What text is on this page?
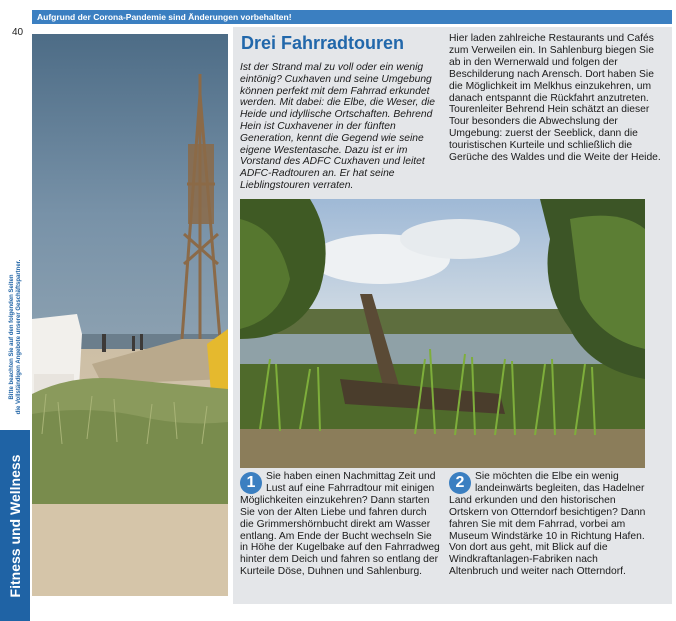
Aufgrund der Corona-Pandemie sind Änderungen vorbehalten!
40
Fitness und Wellness
Bitte beachten Sie auf den folgenden Seiten die Vollständigen Angebote unserer Geschäftspartner.
Drei Fahrradtouren

Ist der Strand mal zu voll oder ein wenig eintönig? Cuxhaven und seine Umgebung können perfekt mit dem Fahrrad erkundet werden. Mit dabei: die Elbe, die Weser, die Heide und idyllische Ortschaften. Behrend Hein ist Cuxhavener in der fünften Generation, kennt die Gegend wie seine eigene Westentasche. Dazu ist er im Vorstand des ADFC Cuxhaven und leitet ADFC-Radtouren an. Er hat seine Lieblingstouren verraten.

Hier laden zahlreiche Restaurants und Cafés zum Verweilen ein. In Sahlenburg biegen Sie ab in den Wernerwald und folgen der Beschilderung nach Arensch. Dort haben Sie die Möglichkeit im Melkhus einzukehren, um danach entspannt die Rückfahrt anzutreten. Tourenleiter Behrend Hein schätzt an dieser Tour besonders die Abwechslung der Umgebung: zuerst der Seeblick, dann die touristischen Kurteile und schließlich die Gerüche des Waldes und die Weite der Heide.

1	Sie haben einen Nachmittag Zeit und Lust auf eine Fahrradtour mit einigen Möglichkeiten einzukehren? Dann starten Sie von der Alten Liebe und fahren durch die Grimmershörnbucht direkt am Wasser entlang. Am Ende der Bucht wechseln Sie in Höhe der Kugelbake auf den Fahrradweg hinter dem Deich und fahren so entlang der Kurteile Döse, Duhnen und Sahlenburg.
2	Sie möchten die Elbe ein wenig landeinwärts begleiten, das Hadelner Land erkunden und den historischen Ortskern von Otterndorf besichtigen? Dann fahren Sie mit dem Fahrrad, vorbei am Museum Windstärke 10 in Richtung Hafen. Von dort aus geht, mit Blick auf die Windkraftanlagen-Fabriken nach Altenbruch und weiter nach Otterndorf.
